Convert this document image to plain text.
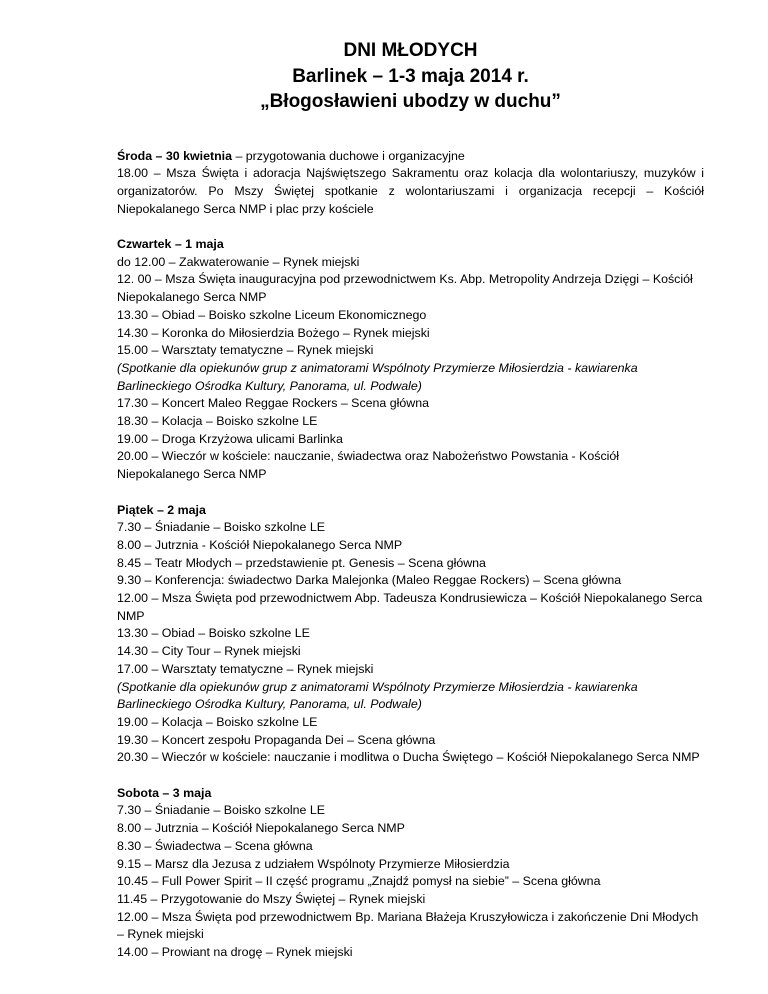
DNI MŁODYCH
Barlinek – 1-3 maja 2014 r.
„Błogosławieni ubodzy w duchu”
Środa – 30 kwietnia – przygotowania duchowe i organizacyjne
18.00 – Msza Święta i adoracja Najświętszego Sakramentu oraz kolacja dla wolontariuszy, muzyków i organizatorów. Po Mszy Świętej spotkanie z wolontariuszami i organizacja recepcji – Kościół Niepokalanego Serca NMP i plac przy kościele
Czwartek – 1 maja
do 12.00 – Zakwaterowanie – Rynek miejski
12. 00 – Msza Święta inauguracyjna pod przewodnictwem Ks. Abp. Metropolity Andrzeja Dzięgi – Kościół Niepokalanego Serca NMP
13.30 – Obiad – Boisko szkolne Liceum Ekonomicznego
14.30 – Koronka do Miłosierdzia Bożego – Rynek miejski
15.00 – Warsztaty tematyczne – Rynek miejski
(Spotkanie dla opiekunów grup z animatorami Wspólnoty Przymierze Miłosierdzia - kawiarenka Barlineckiego Ośrodka Kultury, Panorama, ul. Podwale)
17.30 – Koncert Maleo Reggae Rockers – Scena główna
18.30 – Kolacja – Boisko szkolne LE
19.00 – Droga Krzyżowa ulicami Barlinka
20.00 – Wieczór w kościele: nauczanie, świadectwa oraz Nabożeństwo Powstania - Kościół Niepokalanego Serca NMP
Piątek – 2 maja
7.30 – Śniadanie – Boisko szkolne LE
8.00 – Jutrznia - Kościół Niepokalanego Serca NMP
8.45 – Teatr Młodych – przedstawienie pt. Genesis – Scena główna
9.30 – Konferencja: świadectwo Darka Malejonka (Maleo Reggae Rockers) – Scena główna
12.00 – Msza Święta pod przewodnictwem Abp. Tadeusza Kondrusiewicza – Kościół Niepokalanego Serca NMP
13.30 – Obiad – Boisko szkolne LE
14.30 – City Tour – Rynek miejski
17.00 – Warsztaty tematyczne – Rynek miejski
(Spotkanie dla opiekunów grup z animatorami Wspólnoty Przymierze Miłosierdzia - kawiarenka Barlineckiego Ośrodka Kultury, Panorama, ul. Podwale)
19.00 – Kolacja – Boisko szkolne LE
19.30 – Koncert zespołu Propaganda Dei – Scena główna
20.30 – Wieczór w kościele: nauczanie i modlitwa o Ducha Świętego – Kościół Niepokalanego Serca NMP
Sobota – 3 maja
7.30 – Śniadanie – Boisko szkolne LE
8.00 – Jutrznia – Kościół Niepokalanego Serca NMP
8.30 – Świadectwa – Scena główna
9.15 – Marsz dla Jezusa z udziałem Wspólnoty Przymierze Miłosierdzia
10.45 – Full Power Spirit – II część programu „Znajdź pomysł na siebie” – Scena główna
11.45 – Przygotowanie do Mszy Świętej – Rynek miejski
12.00 – Msza Święta pod przewodnictwem Bp. Mariana Błażeja Kruszyłowicza i zakończenie Dni Młodych – Rynek miejski
14.00 – Prowiant na drogę – Rynek miejski
